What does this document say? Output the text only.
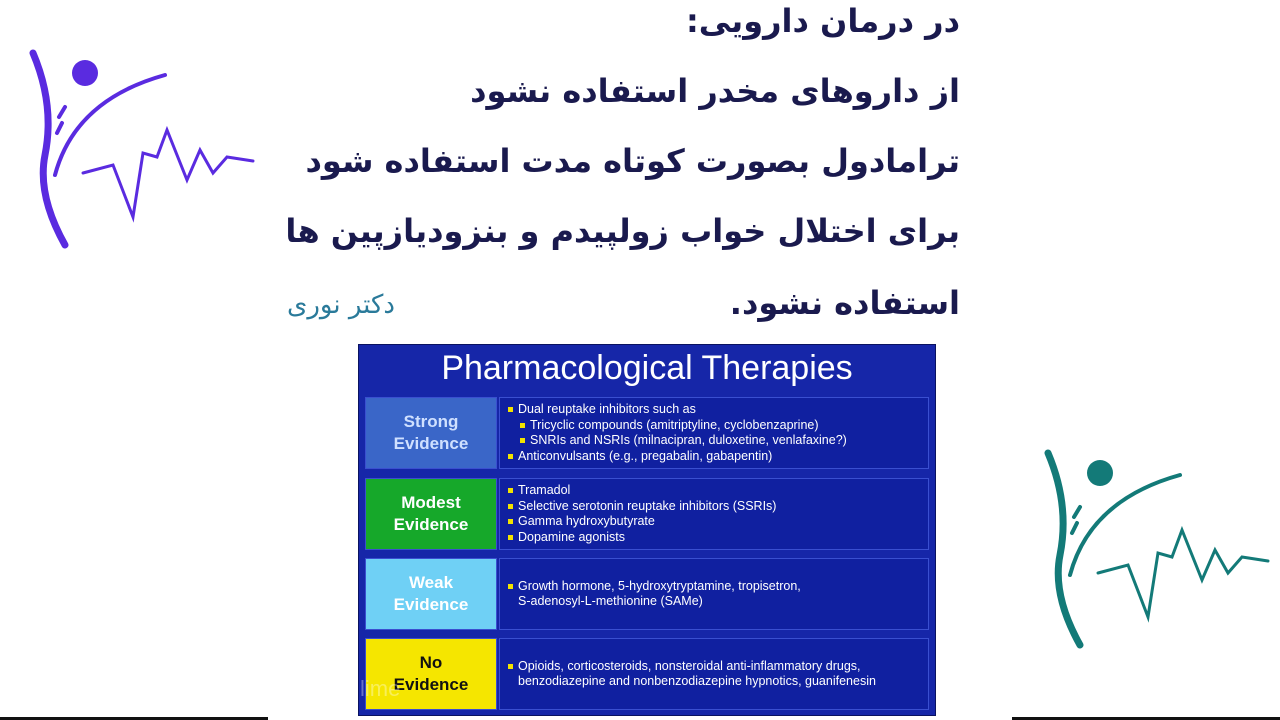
در درمان دارویی:
از داروهای مخدر استفاده نشود
ترامادول بصورت کوتاه مدت استفاده شود
برای اختلال خواب زولپیدم و بنزودیازپین ها
استفاده نشود.
دکتر نوری
Pharmacological Therapies
Strong
Evidence
Dual reuptake inhibitors such as
Tricyclic compounds (amitriptyline, cyclobenzaprine)
SNRIs and NSRIs (milnacipran, duloxetine, venlafaxine?)
Anticonvulsants (e.g., pregabalin, gabapentin)
Modest
Evidence
Tramadol
Selective serotonin reuptake inhibitors (SSRIs)
Gamma hydroxybutyrate
Dopamine agonists
Weak
Evidence
Growth hormone, 5-hydroxytryptamine, tropisetron,
S-adenosyl-L-methionine (SAMe)
No
Evidence
Opioids, corticosteroids, nonsteroidal anti-inflammatory drugs,
benzodiazepine and nonbenzodiazepine hypnotics, guanifenesin
lime
